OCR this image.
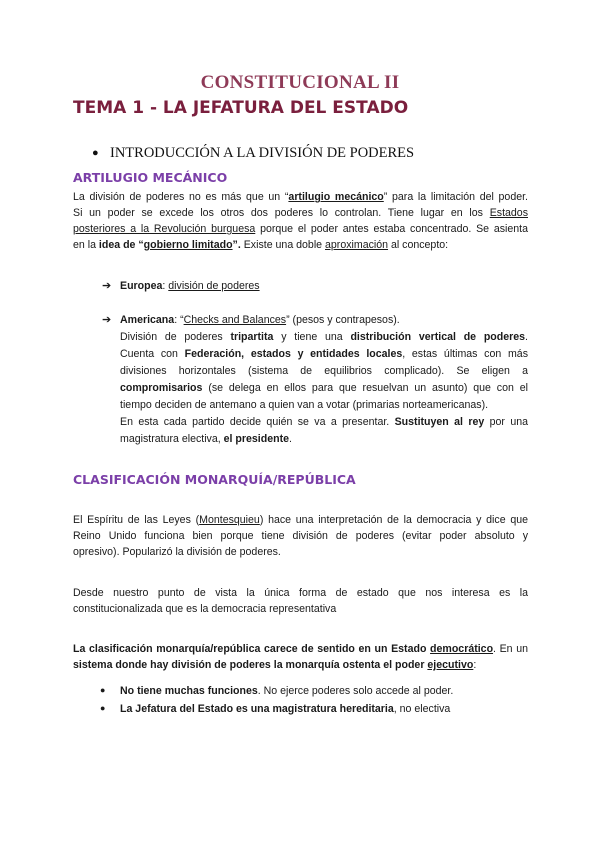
CONSTITUCIONAL II
TEMA 1 - LA JEFATURA DEL ESTADO
● INTRODUCCIÓN A LA DIVISIÓN DE PODERES
ARTILUGIO MECÁNICO
La división de poderes no es más que un “artilugio mecánico” para la limitación del poder.
Si un poder se excede los otros dos poderes lo controlan. Tiene lugar en los Estados
posteriores a la Revolución burguesa porque el poder antes estaba concentrado. Se asienta
en la idea de “gobierno limitado”. Existe una doble aproximación al concepto:
➔ Europea: división de poderes
➔ Americana: “Checks and Balances” (pesos y contrapesos).
División de poderes tripartita y tiene una distribución vertical de poderes.
Cuenta con Federación, estados y entidades locales, estas últimas con más
divisiones horizontales (sistema de equilibrios complicado). Se eligen a
compromisarios (se delega en ellos para que resuelvan un asunto) que con el
tiempo deciden de antemano a quien van a votar (primarias norteamericanas).
En esta cada partido decide quién se va a presentar. Sustituyen al rey por una
magistratura electiva, el presidente.
CLASIFICACIÓN MONARQUÍA/REPÚBLICA
El Espíritu de las Leyes (Montesquieu) hace una interpretación de la democracia y dice que
Reino Unido funciona bien porque tiene división de poderes (evitar poder absoluto y
opresivo). Popularizó la división de poderes.
Desde nuestro punto de vista la única forma de estado que nos interesa es la
constitucionalizada que es la democracia representativa
La clasificación monarquía/república carece de sentido en un Estado democrático. En un
sistema donde hay división de poderes la monarquía ostenta el poder ejecutivo:
● No tiene muchas funciones. No ejerce poderes solo accede al poder.
● La Jefatura del Estado es una magistratura hereditaria, no electiva
